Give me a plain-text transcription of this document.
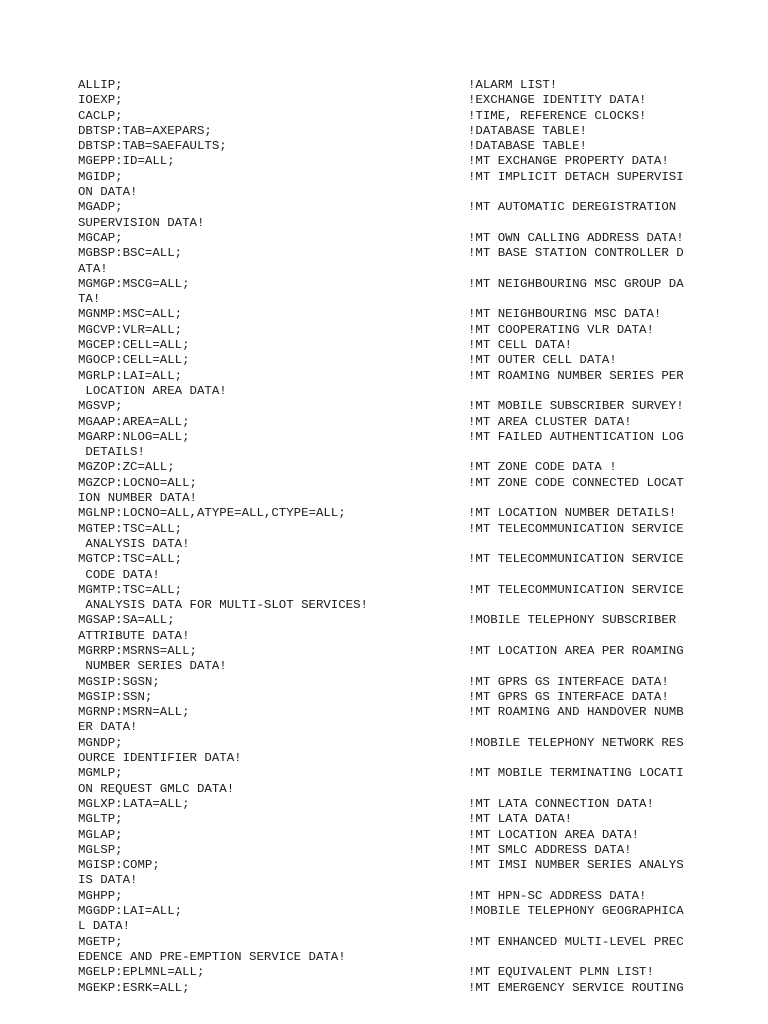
ALLIP;	!ALARM LIST!
IOEXP;	!EXCHANGE IDENTITY DATA!
CACLP;	!TIME, REFERENCE CLOCKS!
DBTSP:TAB=AXEPARS;	!DATABASE TABLE!
DBTSP:TAB=SAEFAULTS;	!DATABASE TABLE!
MGEPP:ID=ALL;	!MT EXCHANGE PROPERTY DATA!
MGIDP;	!MT IMPLICIT DETACH SUPERVISI
ON DATA!
MGADP;	!MT AUTOMATIC DEREGISTRATION
SUPERVISION DATA!
MGCAP;	!MT OWN CALLING ADDRESS DATA!
MGBSP:BSC=ALL;	!MT BASE STATION CONTROLLER D
ATA!
MGMGP:MSCG=ALL;	!MT NEIGHBOURING MSC GROUP DA
TA!
MGNMP:MSC=ALL;	!MT NEIGHBOURING MSC DATA!
MGCVP:VLR=ALL;	!MT COOPERATING VLR DATA!
MGCEP:CELL=ALL;	!MT CELL DATA!
MGOCP:CELL=ALL;	!MT OUTER CELL DATA!
MGRLP:LAI=ALL;	!MT ROAMING NUMBER SERIES PER
LOCATION AREA DATA!
MGSVP;	!MT MOBILE SUBSCRIBER SURVEY!
MGAAP:AREA=ALL;	!MT AREA CLUSTER DATA!
MGARP:NLOG=ALL;	!MT FAILED AUTHENTICATION LOG
DETAILS!
MGZOP:ZC=ALL;	!MT ZONE CODE DATA !
MGZCP:LOCNO=ALL;	!MT ZONE CODE CONNECTED LOCAT
ION NUMBER DATA!
MGLNP:LOCNO=ALL,ATYPE=ALL,CTYPE=ALL;	!MT LOCATION NUMBER DETAILS!
MGTEP:TSC=ALL;	!MT TELECOMMUNICATION SERVICE
ANALYSIS DATA!
MGTCP:TSC=ALL;	!MT TELECOMMUNICATION SERVICE
CODE DATA!
MGMTP:TSC=ALL;	!MT TELECOMMUNICATION SERVICE
ANALYSIS DATA FOR MULTI-SLOT SERVICES!
MGSAP:SA=ALL;	!MOBILE TELEPHONY SUBSCRIBER
ATTRIBUTE DATA!
MGRRP:MSRNS=ALL;	!MT LOCATION AREA PER ROAMING
NUMBER SERIES DATA!
MGSIP:SGSN;	!MT GPRS GS INTERFACE DATA!
MGSIP:SSN;	!MT GPRS GS INTERFACE DATA!
MGRNP:MSRN=ALL;	!MT ROAMING AND HANDOVER NUMB
ER DATA!
MGNDP;	!MOBILE TELEPHONY NETWORK RES
OURCE IDENTIFIER DATA!
MGMLP;	!MT MOBILE TERMINATING LOCATI
ON REQUEST GMLC DATA!
MGLXP:LATA=ALL;	!MT LATA CONNECTION DATA!
MGLTP;	!MT LATA DATA!
MGLAP;	!MT LOCATION AREA DATA!
MGLSP;	!MT SMLC ADDRESS DATA!
MGISP:COMP;	!MT IMSI NUMBER SERIES ANALYS
IS DATA!
MGHPP;	!MT HPN-SC ADDRESS DATA!
MGGDP:LAI=ALL;	!MOBILE TELEPHONY GEOGRAPHICA
L DATA!
MGETP;	!MT ENHANCED MULTI-LEVEL PREC
EDENCE AND PRE-EMPTION SERVICE DATA!
MGELP:EPLMNL=ALL;	!MT EQUIVALENT PLMN LIST!
MGEKP:ESRK=ALL;	!MT EMERGENCY SERVICE ROUTING
